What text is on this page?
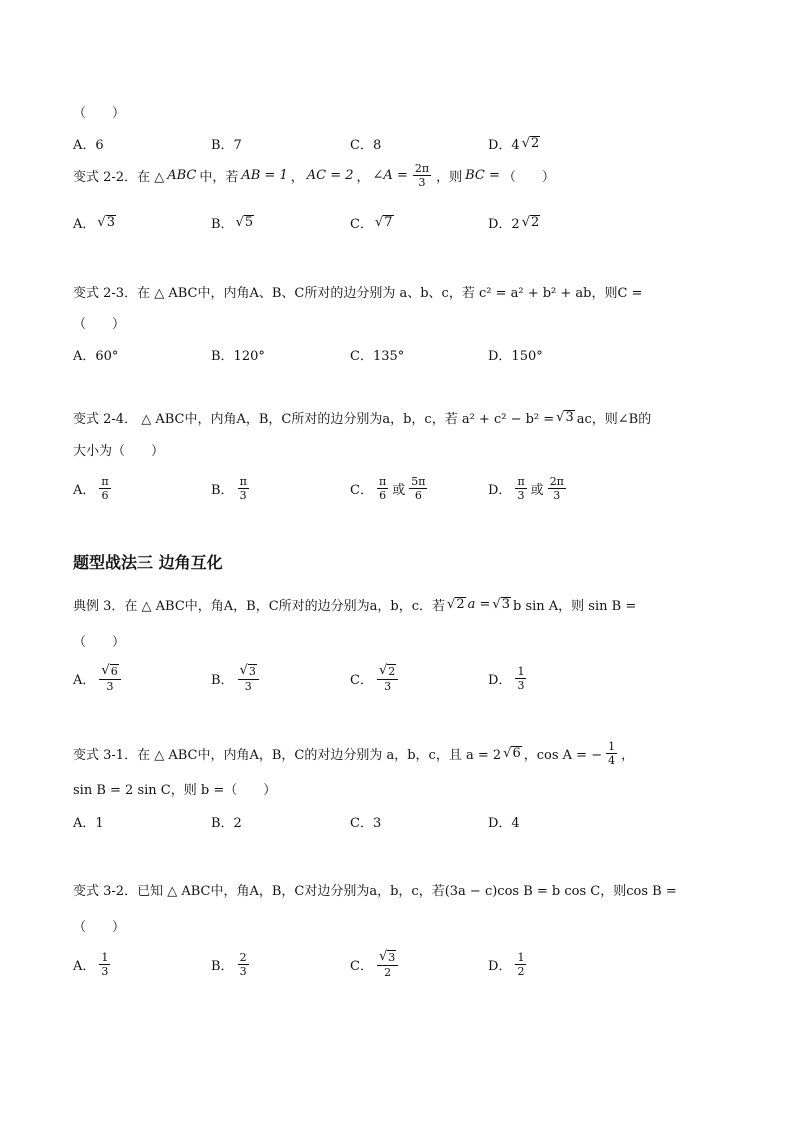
（　　）
A．6	B．7	C．8	D．4 √ 2
变式 2-2．在 △ ABC 中，若 AB = 1 ， AC = 2 ， ∠A = $\frac{2\pi}{3}$ ，则 BC = （　　）
A． √ 3	B． √ 5	C． √ 7	D．2 √ 2
变式 2-3．在 △ ABC中，内角A、B、C所对的边分别为 a、b、c，若 c² = a² + b² + ab，则C =
（　　）
A．60°	B．120°	C．135°	D．150°
变式 2-4． △ ABC中，内角A，B，C所对的边分别为a，b，c，若 a² + c² − b² = √ 3 ac，则∠B的
大小为（　　）
A． $\frac{\pi}{6}$	B． $\frac{\pi}{3}$	C． $\frac{\pi}{6}$ 或 $\frac{5\pi}{6}$	D． $\frac{\pi}{3}$ 或 $\frac{2\pi}{3}$
题型战法三 边角互化
典例 3．在 △ ABC中，角A，B，C所对的边分别为a，b，c．若 √ 2 a = √ 3 b sin A，则 sin B =
（　　）
A． $\frac{√ 6}{3}$	B． $\frac{√ 3}{3}$	C． $\frac{√ 2}{3}$	D． $\frac{1}{3}$
变式 3-1．在 △ ABC中，内角A，B，C的对边分别为 a，b，c，且 a = 2 √ 6 ，cos A = − $\frac{1}{4}$ ，
sin B = 2 sin C，则 b =（　　）
A．1	B．2	C．3	D．4
变式 3-2．已知 △ ABC中，角A，B，C对边分别为a，b，c，若(3a − c)cos B = b cos C，则cos B =
（　　）
A． $\frac{1}{3}$	B． $\frac{2}{3}$	C． $\frac{√ 3}{2}$	D． $\frac{1}{2}$
